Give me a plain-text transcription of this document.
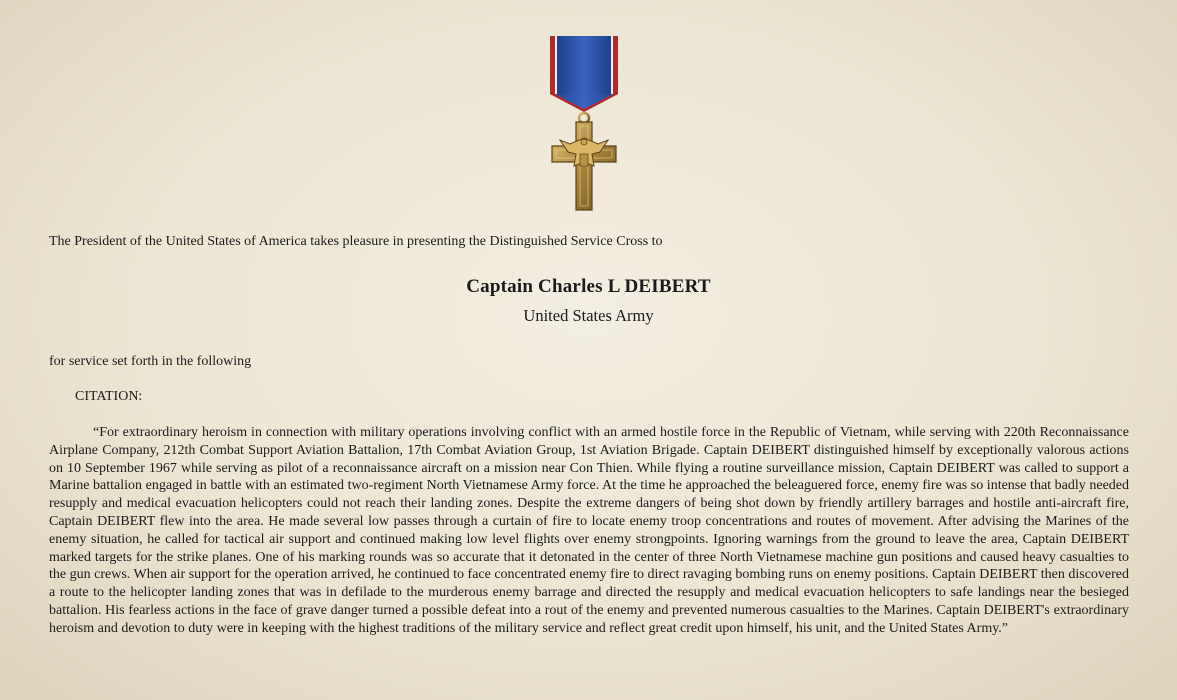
The President of the United States of America takes pleasure in presenting the Distinguished Service Cross to

Captain Charles L DEIBERT

United States Army

for service set forth in the following

CITATION:

“For extraordinary heroism in connection with military operations involving conflict with an armed hostile force in the Republic of Vietnam, while serving with 220th Reconnaissance Airplane Company, 212th Combat Support Aviation Battalion, 17th Combat Aviation Group, 1st Aviation Brigade. Captain DEIBERT distinguished himself by exceptionally valorous actions on 10 September 1967 while serving as pilot of a reconnaissance aircraft on a mission near Con Thien. While flying a routine surveillance mission, Captain DEIBERT was called to support a Marine battalion engaged in battle with an estimated two-regiment North Vietnamese Army force. At the time he approached the beleaguered force, enemy fire was so intense that badly needed resupply and medical evacuation helicopters could not reach their landing zones. Despite the extreme dangers of being shot down by friendly artillery barrages and hostile anti-aircraft fire, Captain DEIBERT flew into the area. He made several low passes through a curtain of fire to locate enemy troop concentrations and routes of movement. After advising the Marines of the enemy situation, he called for tactical air support and continued making low level flights over enemy strongpoints. Ignoring warnings from the ground to leave the area, Captain DEIBERT marked targets for the strike planes. One of his marking rounds was so accurate that it detonated in the center of three North Vietnamese machine gun positions and caused heavy casualties to the gun crews. When air support for the operation arrived, he continued to face concentrated enemy fire to direct ravaging bombing runs on enemy positions. Captain DEIBERT then discovered a route to the helicopter landing zones that was in defilade to the murderous enemy barrage and directed the resupply and medical evacuation helicopters to safe landings near the besieged battalion. His fearless actions in the face of grave danger turned a possible defeat into a rout of the enemy and prevented numerous casualties to the Marines. Captain DEIBERT's extraordinary heroism and devotion to duty were in keeping with the highest traditions of the military service and reflect great credit upon himself, his unit, and the United States Army.”
